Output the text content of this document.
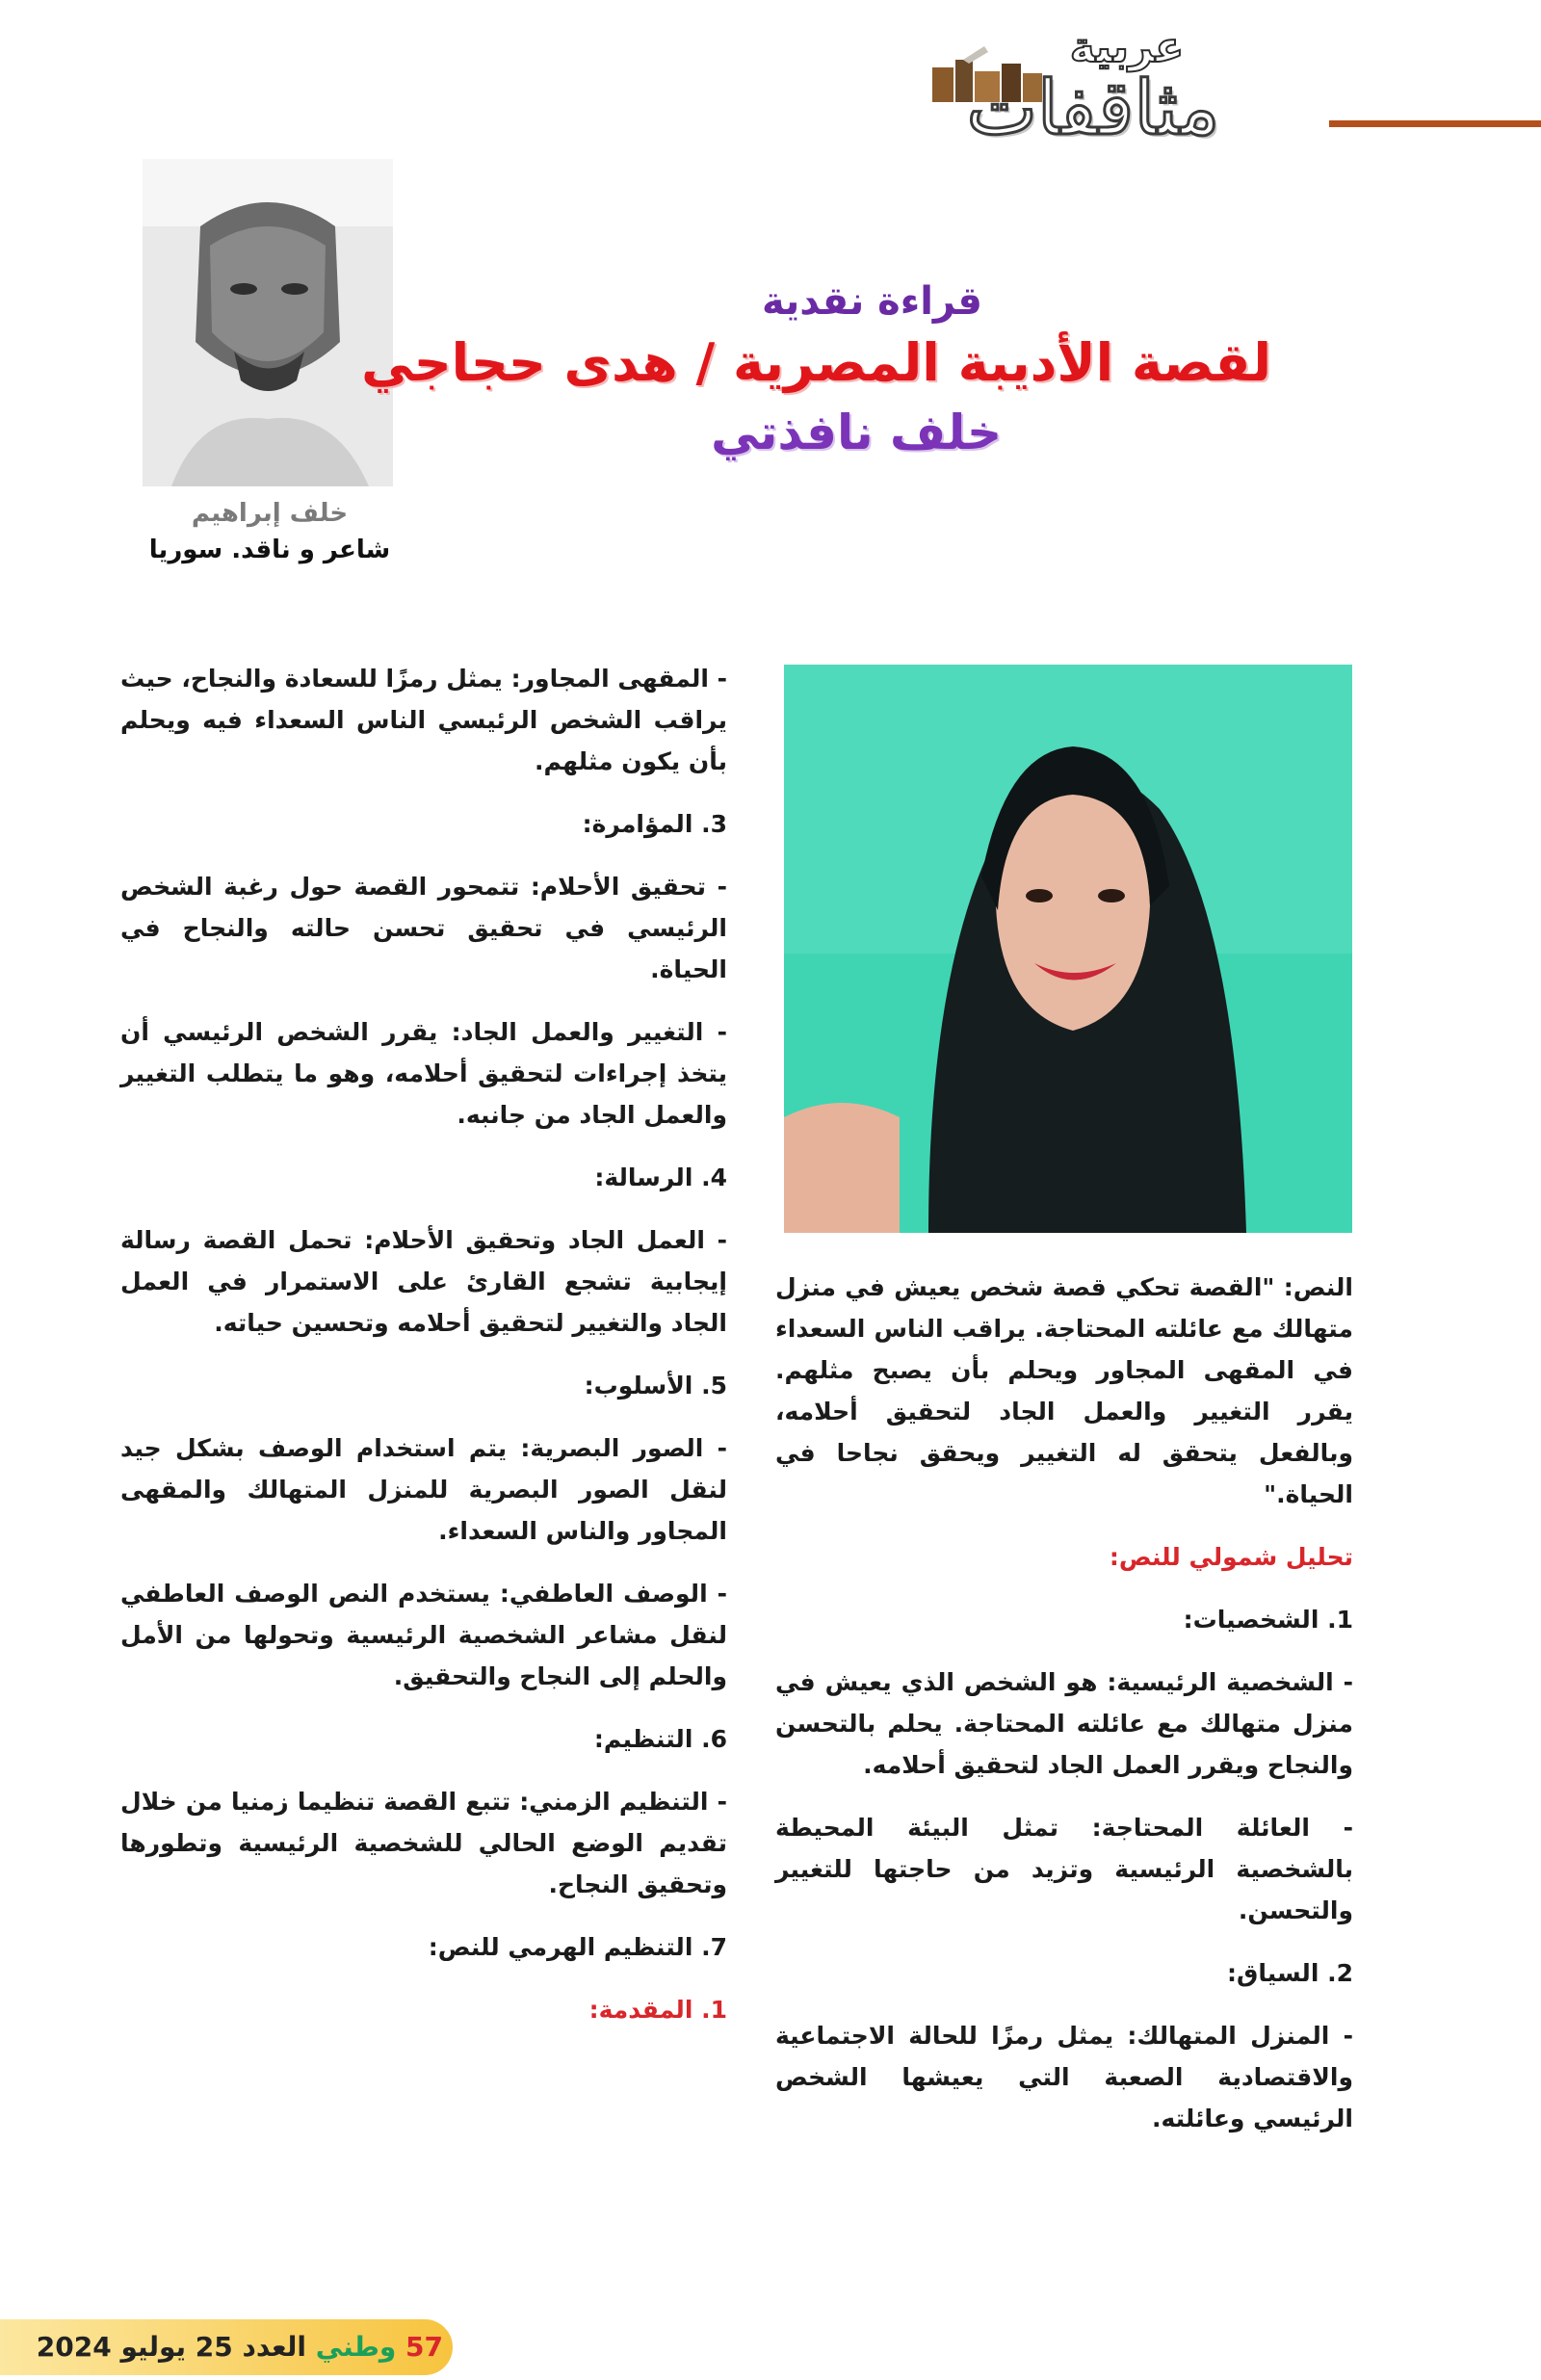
عربية
مثاقفات
خلف إبراهيم
شاعر و ناقد. سوريا
قراءة نقدية
لقصة الأديبة المصرية / هدى حجاجي
خلف نافذتي

النص: "القصة تحكي قصة شخص يعيش في منزل متهالك مع عائلته المحتاجة. يراقب الناس السعداء في المقهى المجاور ويحلم بأن يصبح مثلهم. يقرر التغيير والعمل الجاد لتحقيق أحلامه، وبالفعل يتحقق له التغيير ويحقق نجاحا في الحياة."

تحليل شمولي للنص:

1. الشخصيات:

- الشخصية الرئيسية: هو الشخص الذي يعيش في منزل متهالك مع عائلته المحتاجة. يحلم بالتحسن والنجاح ويقرر العمل الجاد لتحقيق أحلامه.

- العائلة المحتاجة: تمثل البيئة المحيطة بالشخصية الرئيسية وتزيد من حاجتها للتغيير والتحسن.

2. السياق:

- المنزل المتهالك: يمثل رمزًا للحالة الاجتماعية والاقتصادية الصعبة التي يعيشها الشخص الرئيسي وعائلته.

- المقهى المجاور: يمثل رمزًا للسعادة والنجاح، حيث يراقب الشخص الرئيسي الناس السعداء فيه ويحلم بأن يكون مثلهم.

3. المؤامرة:

- تحقيق الأحلام: تتمحور القصة حول رغبة الشخص الرئيسي في تحقيق تحسن حالته والنجاح في الحياة.

- التغيير والعمل الجاد: يقرر الشخص الرئيسي أن يتخذ إجراءات لتحقيق أحلامه، وهو ما يتطلب التغيير والعمل الجاد من جانبه.

4. الرسالة:

- العمل الجاد وتحقيق الأحلام: تحمل القصة رسالة إيجابية تشجع القارئ على الاستمرار في العمل الجاد والتغيير لتحقيق أحلامه وتحسين حياته.

5. الأسلوب:

- الصور البصرية: يتم استخدام الوصف بشكل جيد لنقل الصور البصرية للمنزل المتهالك والمقهى المجاور والناس السعداء.

- الوصف العاطفي: يستخدم النص الوصف العاطفي لنقل مشاعر الشخصية الرئيسية وتحولها من الأمل والحلم إلى النجاح والتحقيق.

6. التنظيم:

- التنظيم الزمني: تتبع القصة تنظيما زمنيا من خلال تقديم الوضع الحالي للشخصية الرئيسية وتطورها وتحقيق النجاح.

7. التنظيم الهرمي للنص:

1. المقدمة:

57 وطني العدد 25 يوليو 2024
